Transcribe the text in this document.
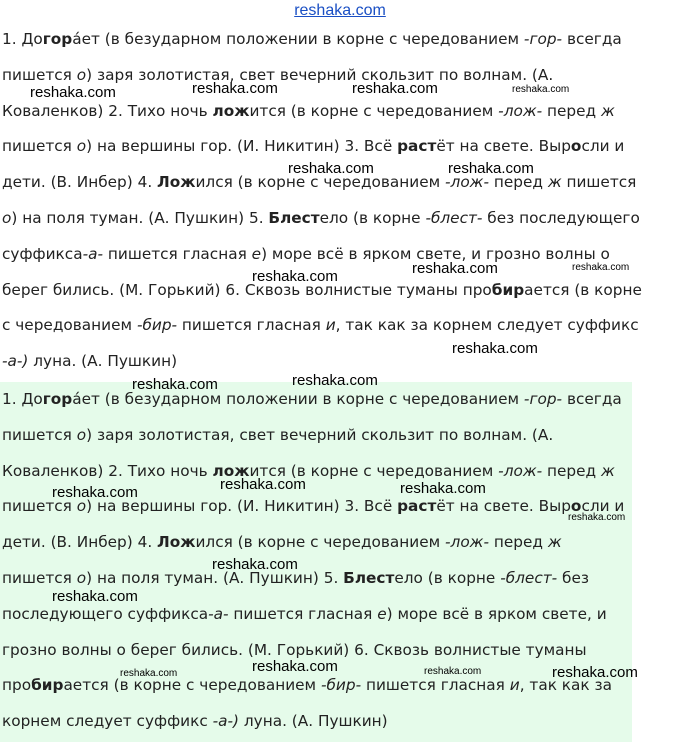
reshaka.com
1. Догорáет (в безударном положении в корне с чередованием -гор- всегда пишется о) заря золотистая, свет вечерний скользит по волнам. (А. Коваленков) 2. Тихо ночь ложится (в корне с чередованием -лож- перед ж пишется о) на вершины гор. (И. Никитин) 3. Всё растёт на свете. Выросли и дети. (В. Инбер) 4. Ложился (в корне с чередованием -лож- перед ж пишется о) на поля туман. (А. Пушкин) 5. Блестело (в корне -блест- без последующего суффикса-а- пишется гласная е) море всё в ярком свете, и грозно волны о берег бились. (М. Горький) 6. Сквозь волнистые туманы пробирается (в корне с чередованием -бир- пишется гласная и, так как за корнем следует суффикс -а-) луна. (А. Пушкин)
1. Догорáет (в безударном положении в корне с чередованием -гор- всегда пишется о) заря золотистая, свет вечерний скользит по волнам. (А. Коваленков) 2. Тихо ночь ложится (в корне с чередованием -лож- перед ж пишется о) на вершины гор. (И. Никитин) 3. Всё растёт на свете. Выросли и дети. (В. Инбер) 4. Ложился (в корне с чередованием -лож- перед ж пишется о) на поля туман. (А. Пушкин) 5. Блестело (в корне -блест- без последующего суффикса-а- пишется гласная е) море всё в ярком свете, и грозно волны о берег бились. (М. Горький) 6. Сквозь волнистые туманы пробирается (в корне с чередованием -бир- пишется гласная и, так как за корнем следует суффикс -а-) луна. (А. Пушкин)
reshaka.com	reshaka.com	reshaka.com	reshaka.com
reshaka.com	reshaka.com
reshaka.com	reshaka.com	reshaka.com
reshaka.com
reshaka.com	reshaka.com
reshaka.com	reshaka.com
reshaka.com
reshaka.com
reshaka.com
reshaka.com
reshaka.com
reshaka.com	reshaka.com	reshaka.com
